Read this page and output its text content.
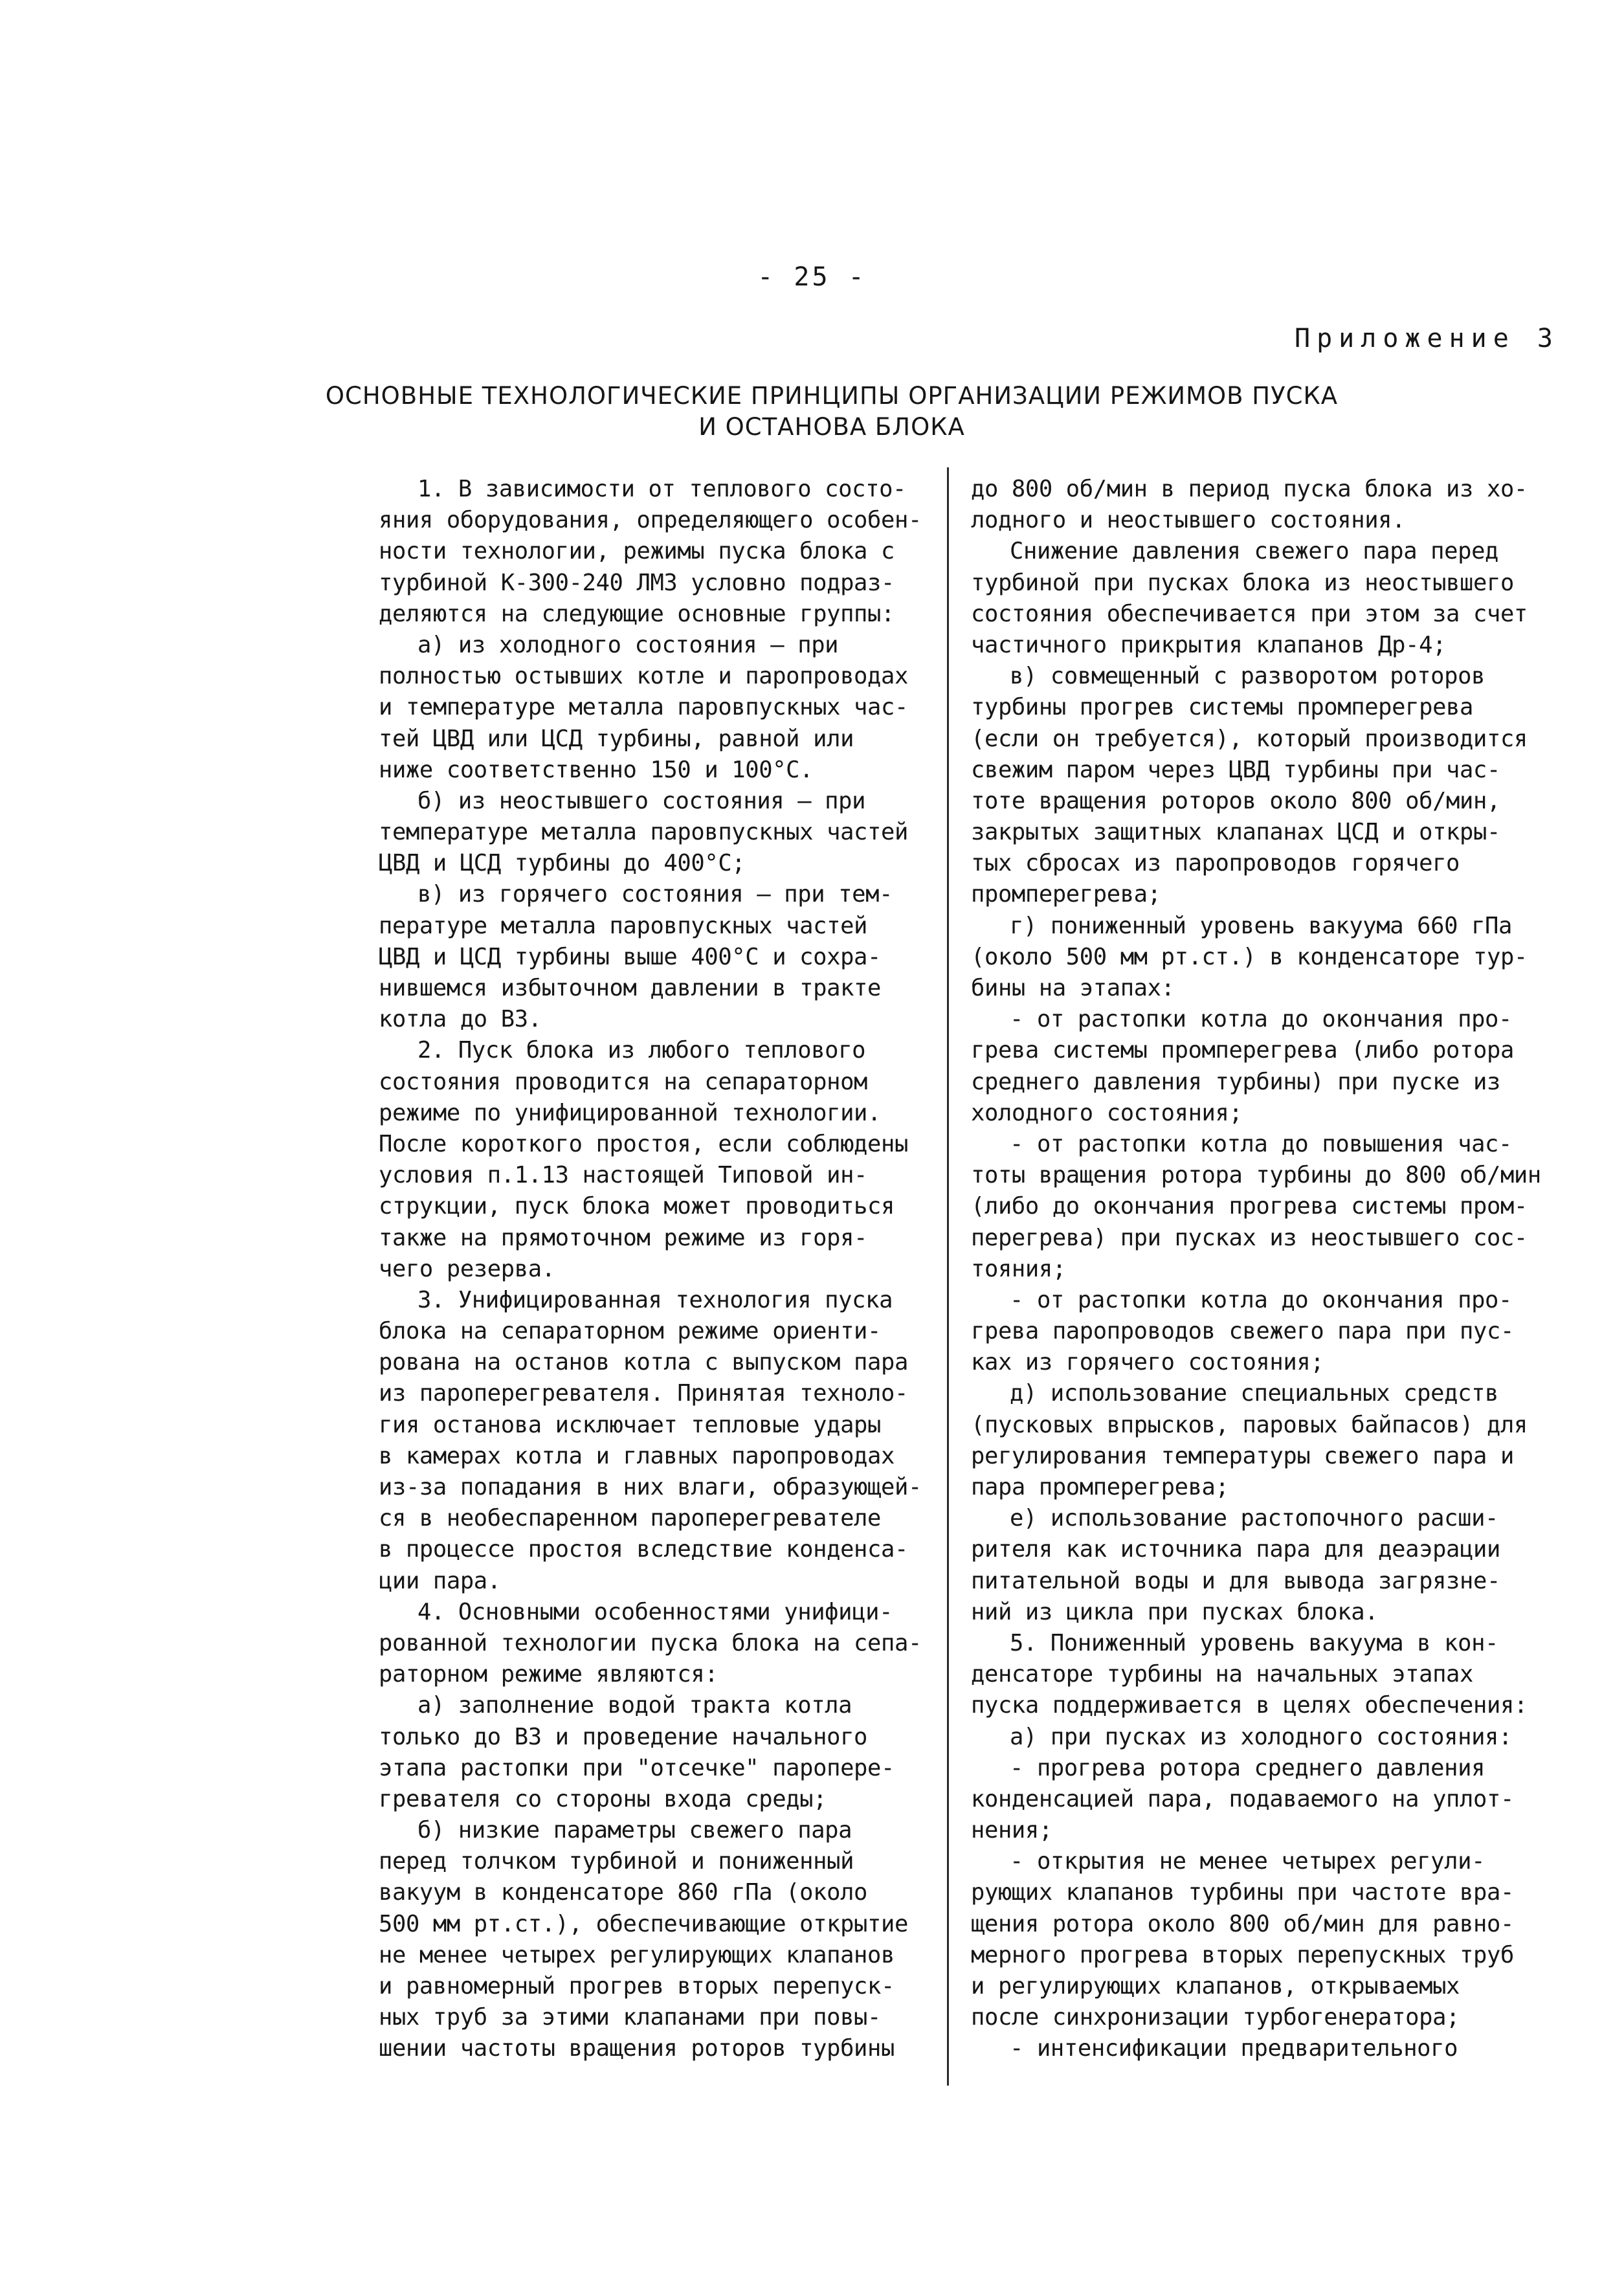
- 25 -
Приложение 3
ОСНОВНЫЕ ТЕХНОЛОГИЧЕСКИЕ ПРИНЦИПЫ ОРГАНИЗАЦИИ РЕЖИМОВ ПУСКА
И ОСТАНОВА БЛОКА
1. В зависимости от теплового состо-
яния оборудования, определяющего особен-
ности технологии, режимы пуска блока с
турбиной К-300-240 ЛМЗ условно подраз-
деляются на следующие основные группы:
а) из холодного состояния — при
полностью остывших котле и паропроводах
и температуре металла паровпускных час-
тей ЦВД или ЦСД турбины, равной или
ниже соответственно 150 и 100°С.
б) из неостывшего состояния — при
температуре металла паровпускных частей
ЦВД и ЦСД турбины до 400°С;
в) из горячего состояния — при тем-
пературе металла паровпускных частей
ЦВД и ЦСД турбины выше 400°С и сохра-
нившемся избыточном давлении в тракте
котла до ВЗ.
2. Пуск блока из любого теплового
состояния проводится на сепараторном
режиме по унифицированной технологии.
После короткого простоя, если соблюдены
условия п.1.13 настоящей Типовой ин-
струкции, пуск блока может проводиться
также на прямоточном режиме из горя-
чего резерва.
3. Унифицированная технология пуска
блока на сепараторном режиме ориенти-
рована на останов котла с выпуском пара
из пароперегревателя. Принятая техноло-
гия останова исключает тепловые удары
в камерах котла и главных паропроводах
из-за попадания в них влаги, образующей-
ся в необеспаренном пароперегревателе
в процессе простоя вследствие конденса-
ции пара.
4. Основными особенностями унифици-
рованной технологии пуска блока на сепа-
раторном режиме являются:
а) заполнение водой тракта котла
только до ВЗ и проведение начального
этапа растопки при "отсечке" паропере-
гревателя со стороны входа среды;
б) низкие параметры свежего пара
перед толчком турбиной и пониженный
вакуум в конденсаторе 860 гПа (около
500 мм рт.ст.), обеспечивающие открытие
не менее четырех регулирующих клапанов
и равномерный прогрев вторых перепуск-
ных труб за этими клапанами при повы-
шении частоты вращения роторов турбины
до 800 об/мин в период пуска блока из хо-
лодного и неостывшего состояния.
Снижение давления свежего пара перед
турбиной при пусках блока из неостывшего
состояния обеспечивается при этом за счет
частичного прикрытия клапанов Др-4;
в) совмещенный с разворотом роторов
турбины прогрев системы промперегрева
(если он требуется), который производится
свежим паром через ЦВД турбины при час-
тоте вращения роторов около 800 об/мин,
закрытых защитных клапанах ЦСД и откры-
тых сбросах из паропроводов горячего
промперегрева;
г) пониженный уровень вакуума 660 гПа
(около 500 мм рт.ст.) в конденсаторе тур-
бины на этапах:
- от растопки котла до окончания про-
грева системы промперегрева (либо ротора
среднего давления турбины) при пуске из
холодного состояния;
- от растопки котла до повышения час-
тоты вращения ротора турбины до 800 об/мин
(либо до окончания прогрева системы пром-
перегрева) при пусках из неостывшего сос-
тояния;
- от растопки котла до окончания про-
грева паропроводов свежего пара при пус-
ках из горячего состояния;
д) использование специальных средств
(пусковых впрысков, паровых байпасов) для
регулирования температуры свежего пара и
пара промперегрева;
е) использование растопочного расши-
рителя как источника пара для деаэрации
питательной воды и для вывода загрязне-
ний из цикла при пусках блока.
5. Пониженный уровень вакуума в кон-
денсаторе турбины на начальных этапах
пуска поддерживается в целях обеспечения:
а) при пусках из холодного состояния:
- прогрева ротора среднего давления
конденсацией пара, подаваемого на уплот-
нения;
- открытия не менее четырех регули-
рующих клапанов турбины при частоте вра-
щения ротора около 800 об/мин для равно-
мерного прогрева вторых перепускных труб
и регулирующих клапанов, открываемых
после синхронизации турбогенератора;
- интенсификации предварительного
